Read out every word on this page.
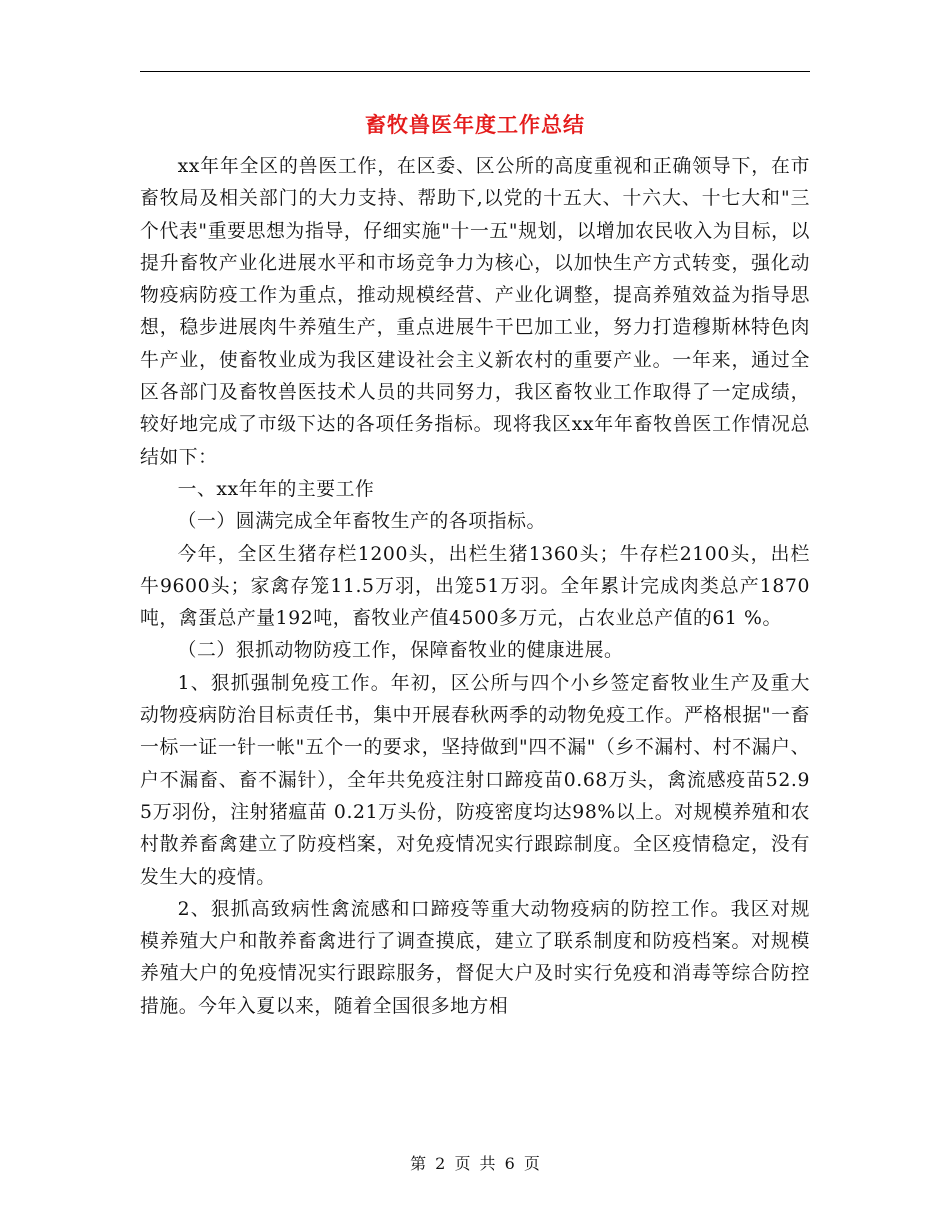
畜牧兽医年度工作总结

xx年年全区的兽医工作，在区委、区公所的高度重视和正确领导下，在市畜牧局及相关部门的大力支持、帮助下,以党的十五大、十六大、十七大和"三个代表"重要思想为指导，仔细实施"十一五"规划，以增加农民收入为目标，以提升畜牧产业化进展水平和市场竞争力为核心，以加快生产方式转变，强化动物疫病防疫工作为重点，推动规模经营、产业化调整，提高养殖效益为指导思想，稳步进展肉牛养殖生产，重点进展牛干巴加工业，努力打造穆斯林特色肉牛产业，使畜牧业成为我区建设社会主义新农村的重要产业。一年来，通过全区各部门及畜牧兽医技术人员的共同努力，我区畜牧业工作取得了一定成绩，较好地完成了市级下达的各项任务指标。现将我区xx年年畜牧兽医工作情况总结如下：

一、xx年年的主要工作

（一）圆满完成全年畜牧生产的各项指标。

今年，全区生猪存栏1200头，出栏生猪1360头；牛存栏2100头，出栏牛9600头；家禽存笼11.5万羽，出笼51万羽。全年累计完成肉类总产1870吨，禽蛋总产量192吨，畜牧业产值4500多万元，占农业总产值的61 %。

（二）狠抓动物防疫工作，保障畜牧业的健康进展。

1、狠抓强制免疫工作。年初，区公所与四个小乡签定畜牧业生产及重大动物疫病防治目标责任书，集中开展春秋两季的动物免疫工作。严格根据"一畜一标一证一针一帐"五个一的要求，坚持做到"四不漏"（乡不漏村、村不漏户、户不漏畜、畜不漏针），全年共免疫注射口蹄疫苗0.68万头，禽流感疫苗52.95万羽份，注射猪瘟苗 0.21万头份，防疫密度均达98%以上。对规模养殖和农村散养畜禽建立了防疫档案，对免疫情况实行跟踪制度。全区疫情稳定，没有发生大的疫情。

2、狠抓高致病性禽流感和口蹄疫等重大动物疫病的防控工作。我区对规模养殖大户和散养畜禽进行了调查摸底，建立了联系制度和防疫档案。对规模养殖大户的免疫情况实行跟踪服务，督促大户及时实行免疫和消毒等综合防控措施。今年入夏以来，随着全国很多地方相

第 2 页 共 6 页
